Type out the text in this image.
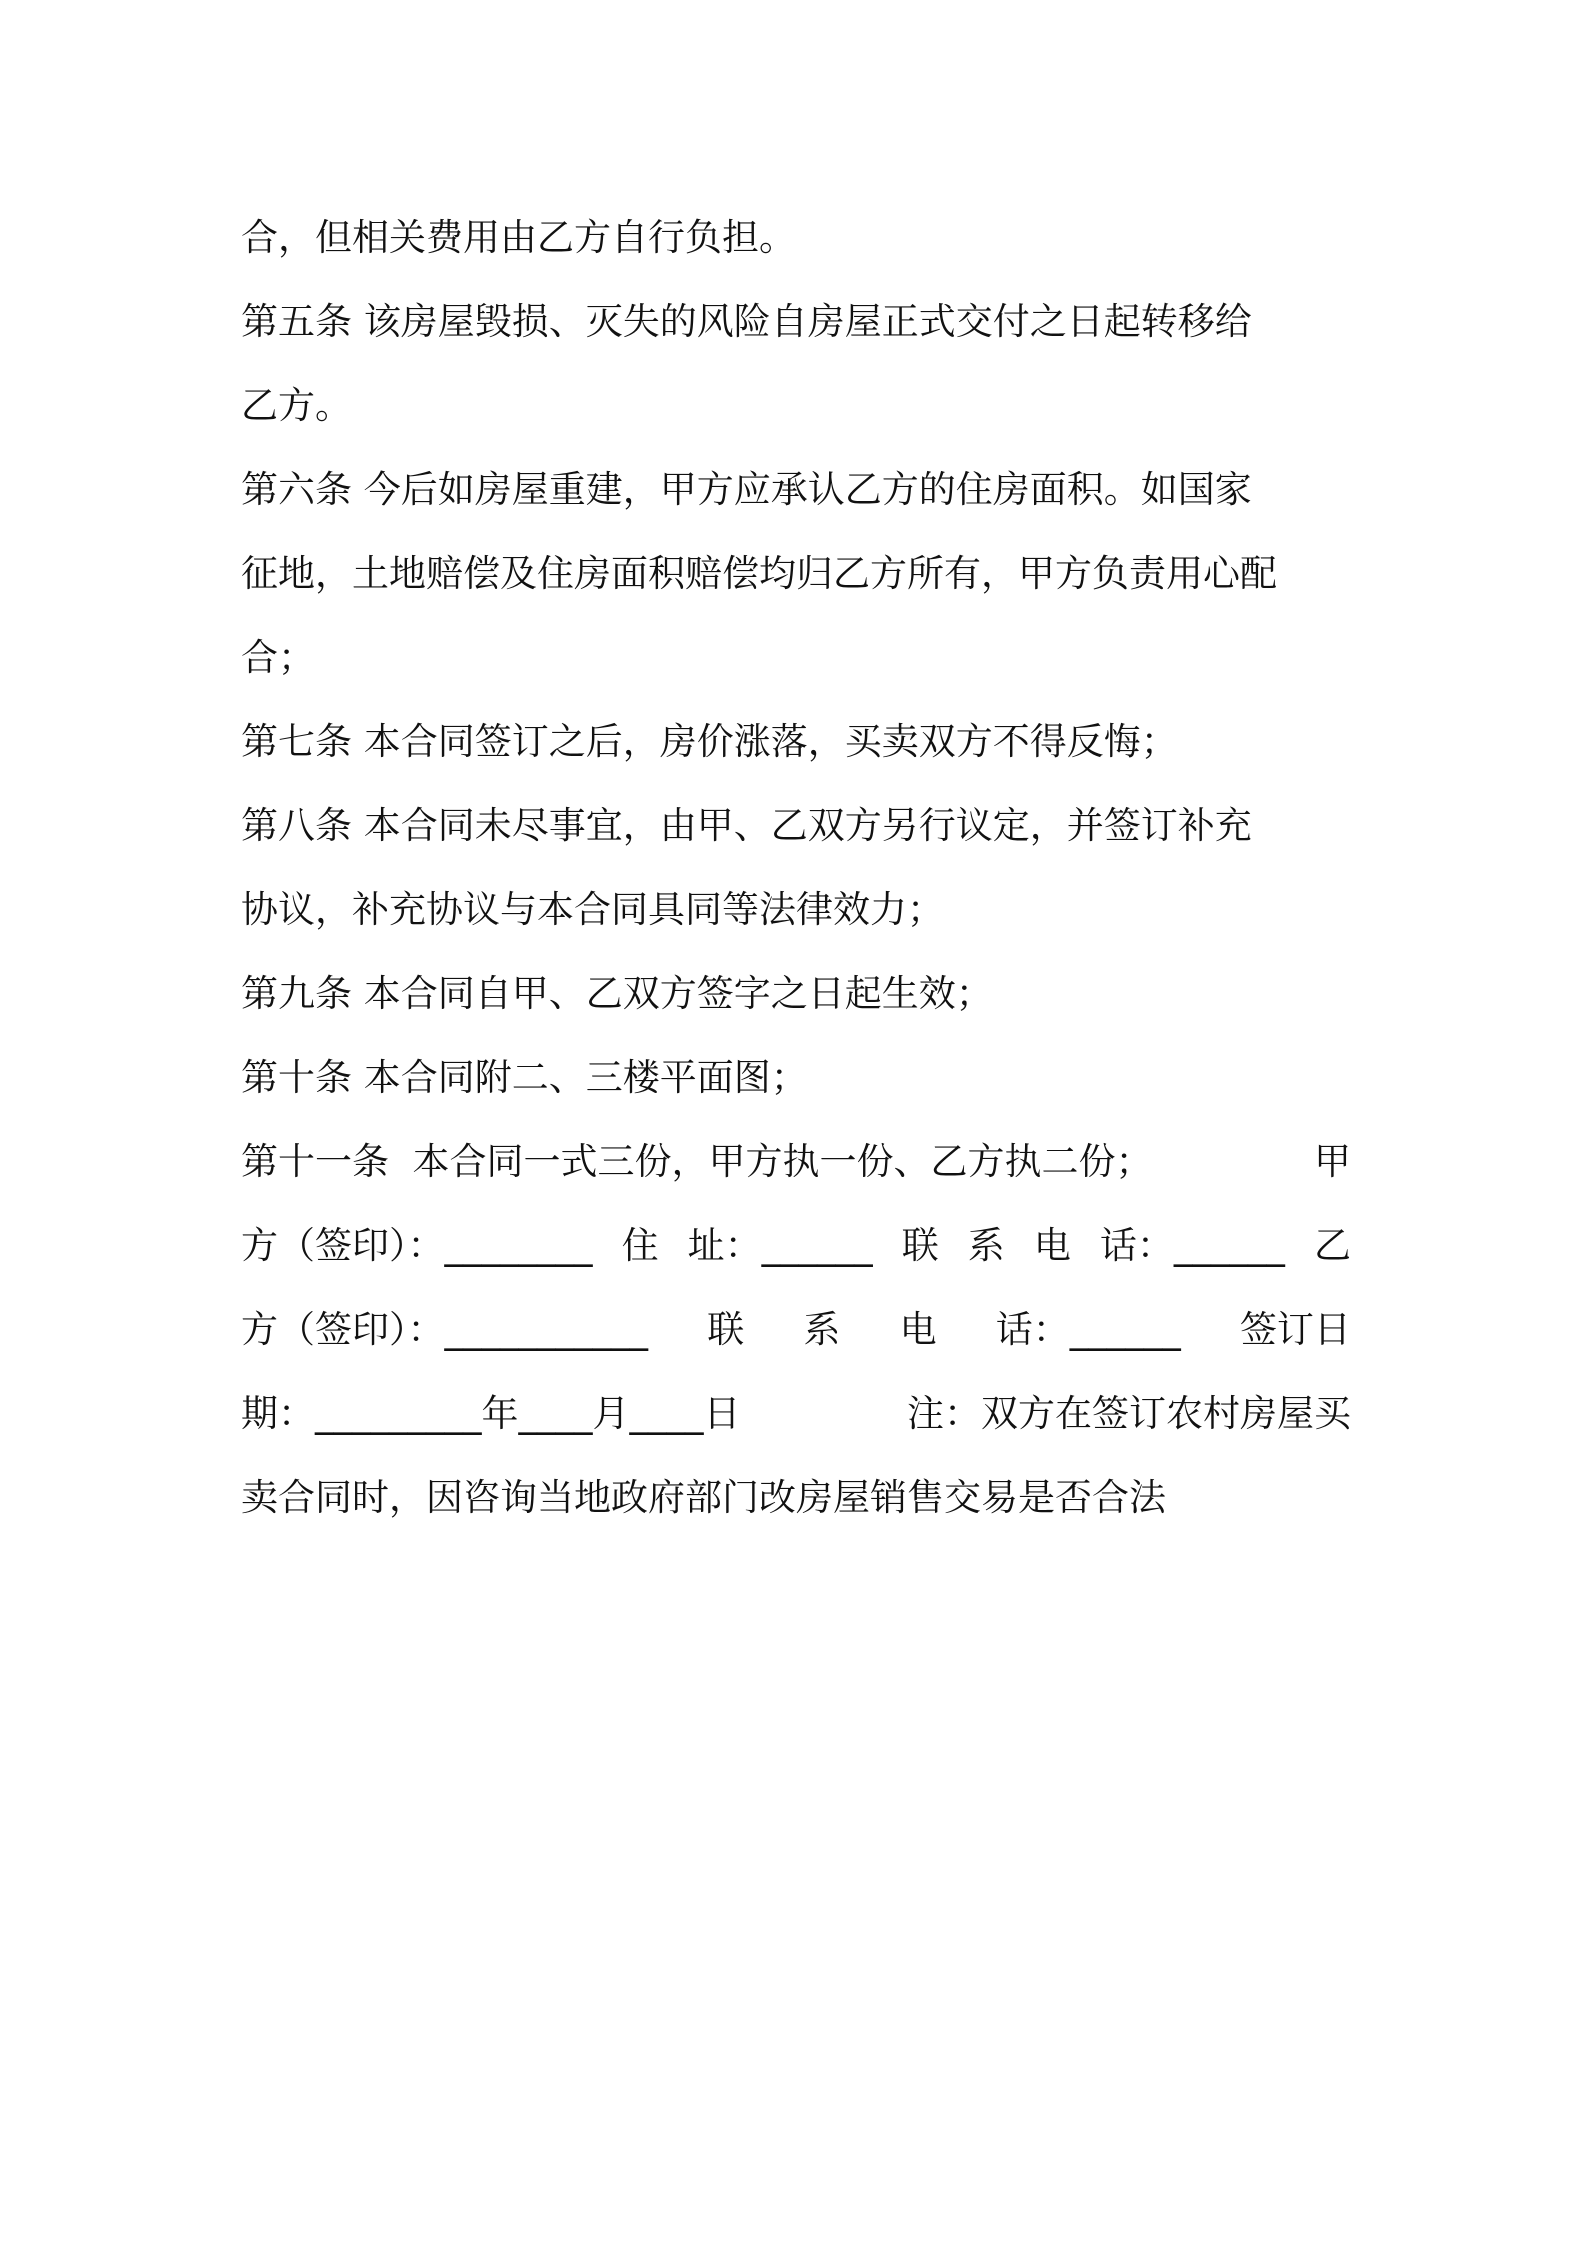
合，但相关费用由乙方自行负担。
第五条 该房屋毁损、灭失的风险自房屋正式交付之日起转移给
乙方。
第六条 今后如房屋重建，甲方应承认乙方的住房面积。如国家
征地，土地赔偿及住房面积赔偿均归乙方所有，甲方负责用心配
合；
第七条 本合同签订之后，房价涨落，买卖双方不得反悔；
第八条 本合同未尽事宜，由甲、乙双方另行议定，并签订补充
协议，补充协议与本合同具同等法律效力；
第九条 本合同自甲、乙双方签字之日起生效；
第十条 本合同附二、三楼平面图；
第十一条  本合同一式三份，甲方执一份、乙方执二份；	甲
方（签印）：________ 住 址：______ 联 系 电 话：______ 乙
方（签印）：___________ 联 系 电 话：______ 签订日
期：_________年____月____日	注：双方在签订农村房屋买
卖合同时，因咨询当地政府部门改房屋销售交易是否合法
